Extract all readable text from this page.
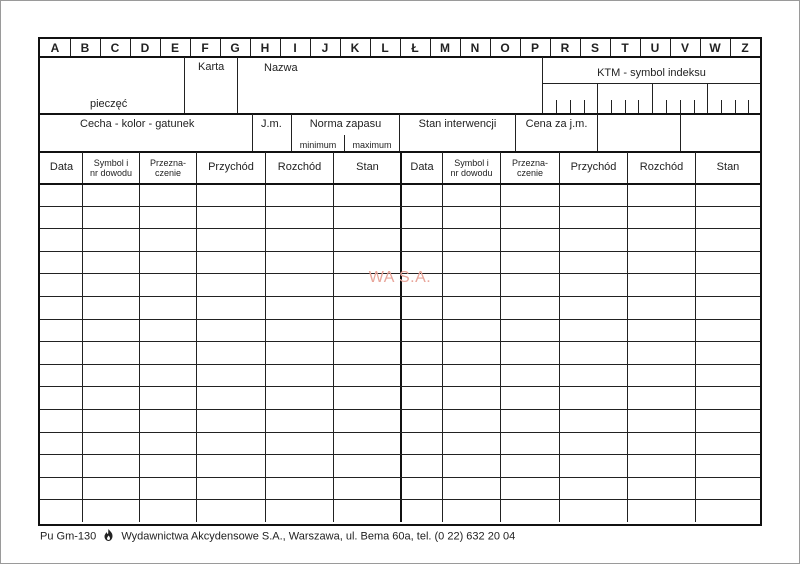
A	B	C	D	E	F	G	H	I	J	K	L	Ł	M	N	O	P	R	S	T	U	V	W	Z
pieczęć
Karta	Nazwa	KTM - symbol indeksu
Cecha - kolor - gatunek	J.m.	Norma zapasu
minimum	maximum
Stan interwencji	Cena za j.m.
Data	Symbol i
nr dowodu
Przezna-
czenie	Przychód	Rozchód	Stan	Data	Symbol i
nr dowodu
Przezna-
czenie	Przychód	Rozchód	Stan
WA S.A.
Pu Gm-130 Wydawnictwa Akcydensowe S.A., Warszawa, ul. Bema 60a, tel. (0 22) 632 20 04
